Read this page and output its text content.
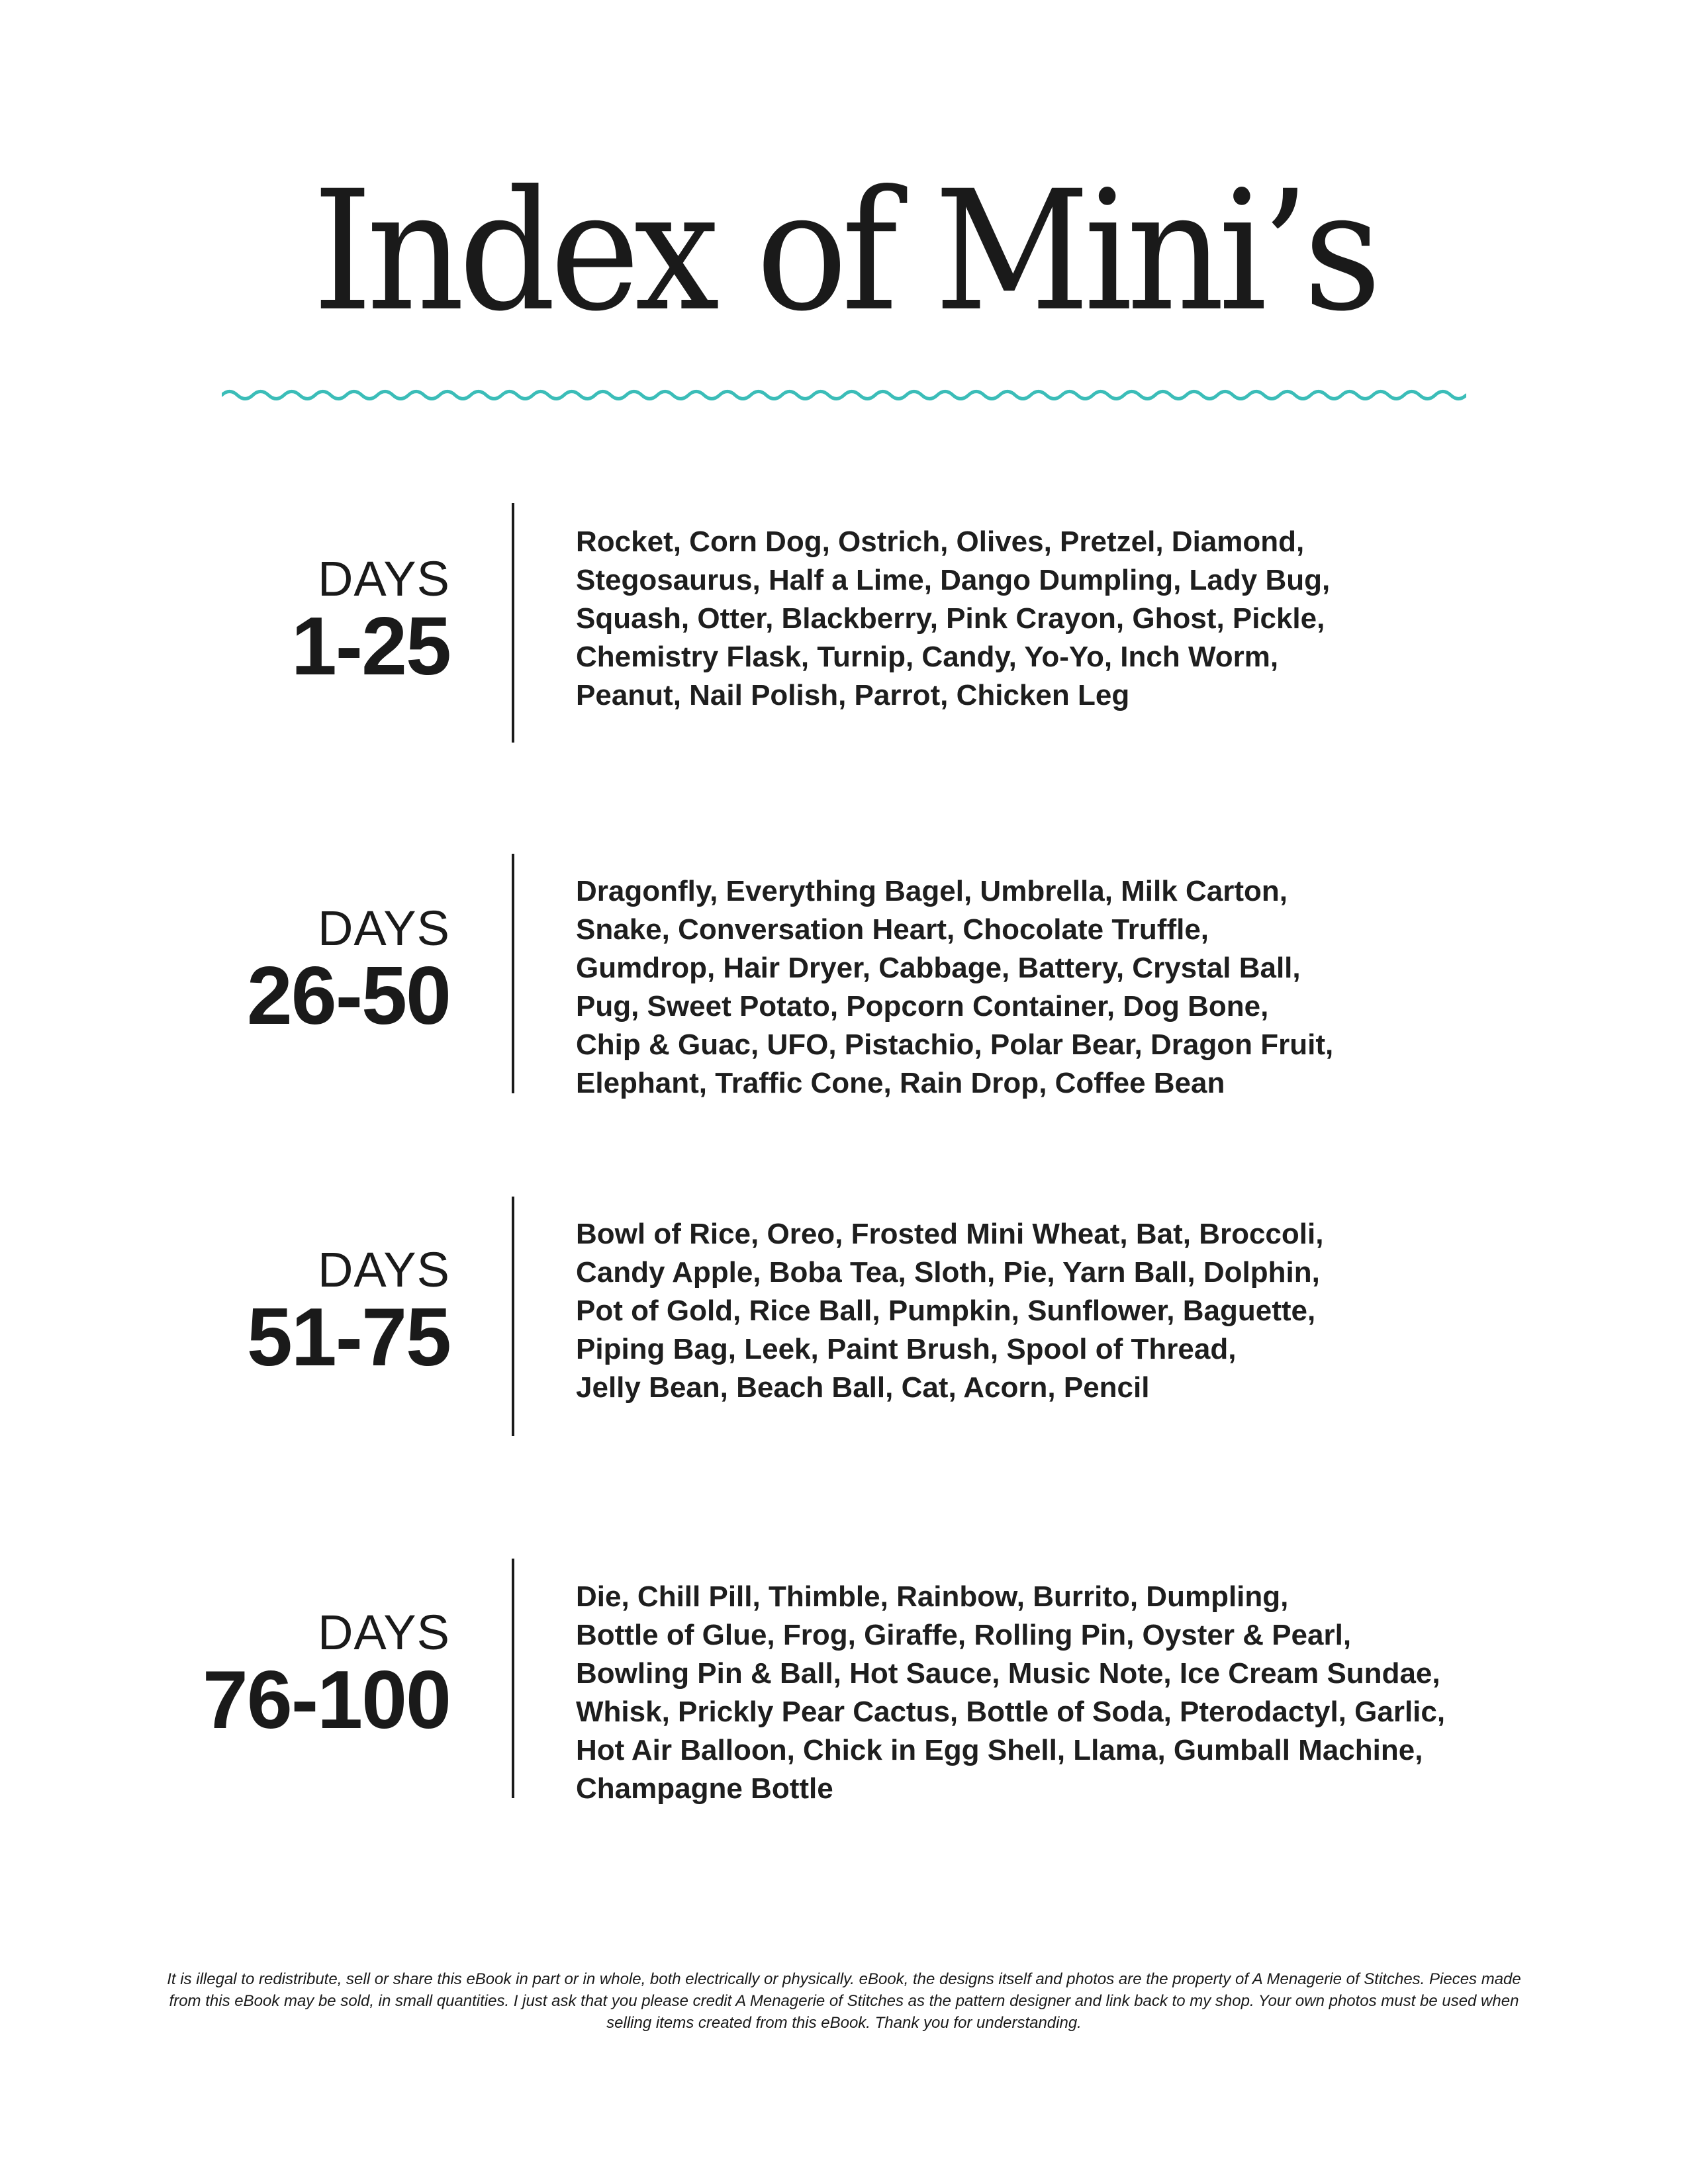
Index of Mini’s
DAYS
1-25
Rocket, Corn Dog, Ostrich, Olives, Pretzel, Diamond,
Stegosaurus, Half a Lime, Dango Dumpling, Lady Bug,
Squash, Otter, Blackberry, Pink Crayon, Ghost, Pickle,
Chemistry Flask, Turnip, Candy, Yo-Yo, Inch Worm,
Peanut, Nail Polish, Parrot, Chicken Leg
DAYS
26-50
Dragonfly, Everything Bagel, Umbrella, Milk Carton,
Snake, Conversation Heart, Chocolate Truffle,
Gumdrop, Hair Dryer, Cabbage, Battery, Crystal Ball,
Pug, Sweet Potato, Popcorn Container, Dog Bone,
Chip & Guac, UFO, Pistachio, Polar Bear, Dragon Fruit,
Elephant, Traffic Cone, Rain Drop, Coffee Bean
DAYS
51-75
Bowl of Rice, Oreo, Frosted Mini Wheat, Bat, Broccoli,
Candy Apple, Boba Tea, Sloth, Pie, Yarn Ball, Dolphin,
Pot of Gold, Rice Ball, Pumpkin, Sunflower, Baguette,
Piping Bag, Leek, Paint Brush, Spool of Thread,
Jelly Bean, Beach Ball, Cat, Acorn, Pencil
DAYS
76-100
Die, Chill Pill, Thimble, Rainbow, Burrito, Dumpling,
Bottle of Glue, Frog, Giraffe, Rolling Pin, Oyster & Pearl,
Bowling Pin & Ball, Hot Sauce, Music Note, Ice Cream Sundae,
Whisk, Prickly Pear Cactus, Bottle of Soda, Pterodactyl, Garlic,
Hot Air Balloon, Chick in Egg Shell, Llama, Gumball Machine,
Champagne Bottle

It is illegal to redistribute, sell or share this eBook in part or in whole, both electrically or physically. eBook, the designs itself and photos are the property of A Menagerie of Stitches. Pieces made from this eBook may be sold, in small quantities. I just ask that you please credit A Menagerie of Stitches as the pattern designer and link back to my shop. Your own photos must be used when selling items created from this eBook. Thank you for understanding.
